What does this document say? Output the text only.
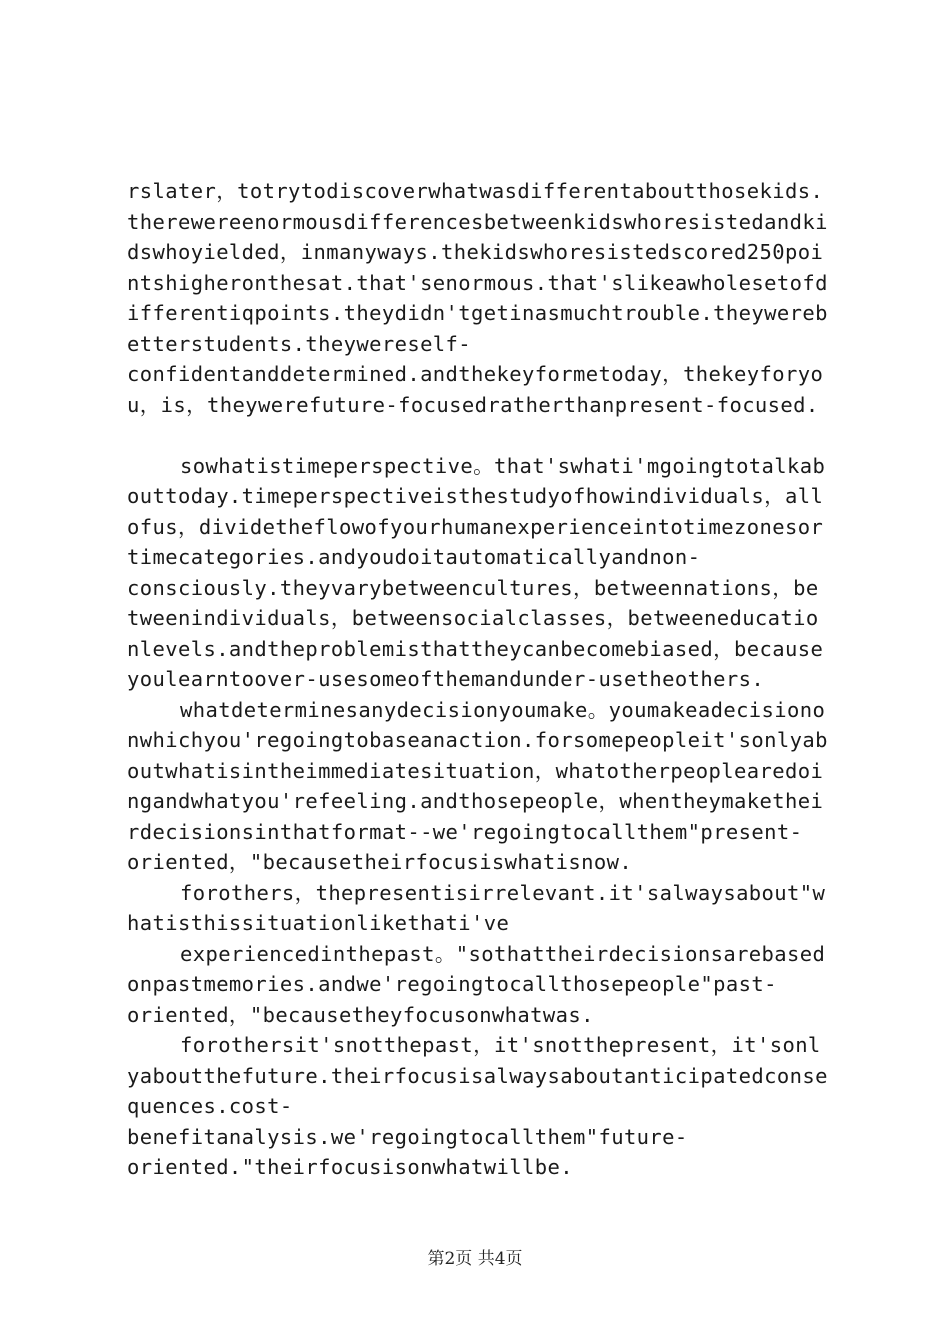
rslater，totrytodiscoverwhatwasdifferentaboutthosekids.
therewereenormousdifferencesbetweenkidswhoresistedandki
dswhoyielded，inmanyways.thekidswhoresistedscored250poi
ntshigheronthesat.that'senormous.that'slikeawholesetofd
ifferentiqpoints.theydidn'tgetinasmuchtrouble.theywereb
etterstudents.theywereself-
confidentanddetermined.andthekeyformetoday，thekeyforyo
u，is，theywerefuture-focusedratherthanpresent-focused.
sowhatistimeperspective。that'swhati'mgoingtotalkab
outtoday.timeperspectiveisthestudyofhowindividuals，all
ofus，dividetheflowofyourhumanexperienceintotimezonesor
timecategories.andyoudoitautomaticallyandnon-
consciously.theyvarybetweencultures，betweennations，be
tweenindividuals，betweensocialclasses，betweeneducatio
nlevels.andtheproblemisthattheycanbecomebiased，because
youlearntoover-usesomeofthemandunder-usetheothers.
whatdeterminesanydecisionyoumake。youmakeadecisiono
nwhichyou'regoingtobaseanaction.forsomepeopleit'sonlyab
outwhatisintheimmediatesituation，whatotherpeoplearedoi
ngandwhatyou'refeeling.andthosepeople，whentheymakethei
rdecisionsinthatformat--we'regoingtocallthem"present-
oriented，"becausetheirfocusiswhatisnow.
forothers，thepresentisirrelevant.it'salwaysabout"w
hatisthissituationlikethati've
experiencedinthepast。"sothattheirdecisionsarebased
onpastmemories.andwe'regoingtocallthosepeople"past-
oriented，"becausetheyfocusonwhatwas.
forothersit'snotthepast，it'snotthepresent，it'sonl
yaboutthefuture.theirfocusisalwaysaboutanticipatedconse
quences.cost-
benefitanalysis.we'regoingtocallthem"future-
oriented."theirfocusisonwhatwillbe.
第2页 共4页
